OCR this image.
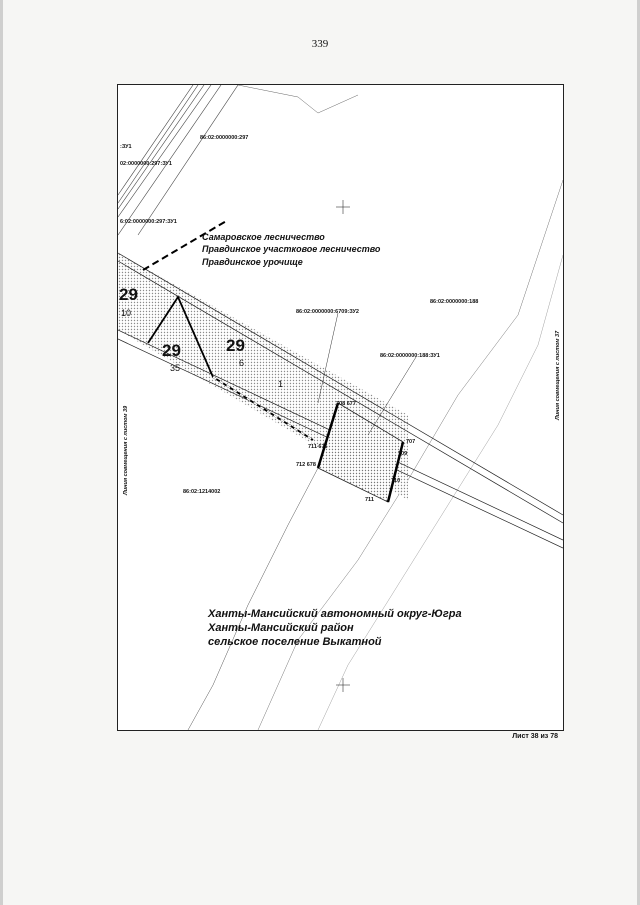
339
86:02:0000000:297
:ЗУ1
02:0000000:297:ЗУ1
6:02:0000000:297:ЗУ1
86:02:0000000:188
86:02:0000000:6709:ЗУ2
86:02:0000000:188:ЗУ1
86:02:1214002
29
10
29
35
29
6
1
708 677
711 676
712 678
707
709
710
711
Самаровское лесничество
Правдинское участковое лесничество
Правдинское урочище
Ханты-Мансийский автономный округ-Югра
Ханты-Мансийский район
сельское поселение Выкатной
Линия совмещения с листом 39
Линия совмещения с листом 37
Лист 38 из 78
